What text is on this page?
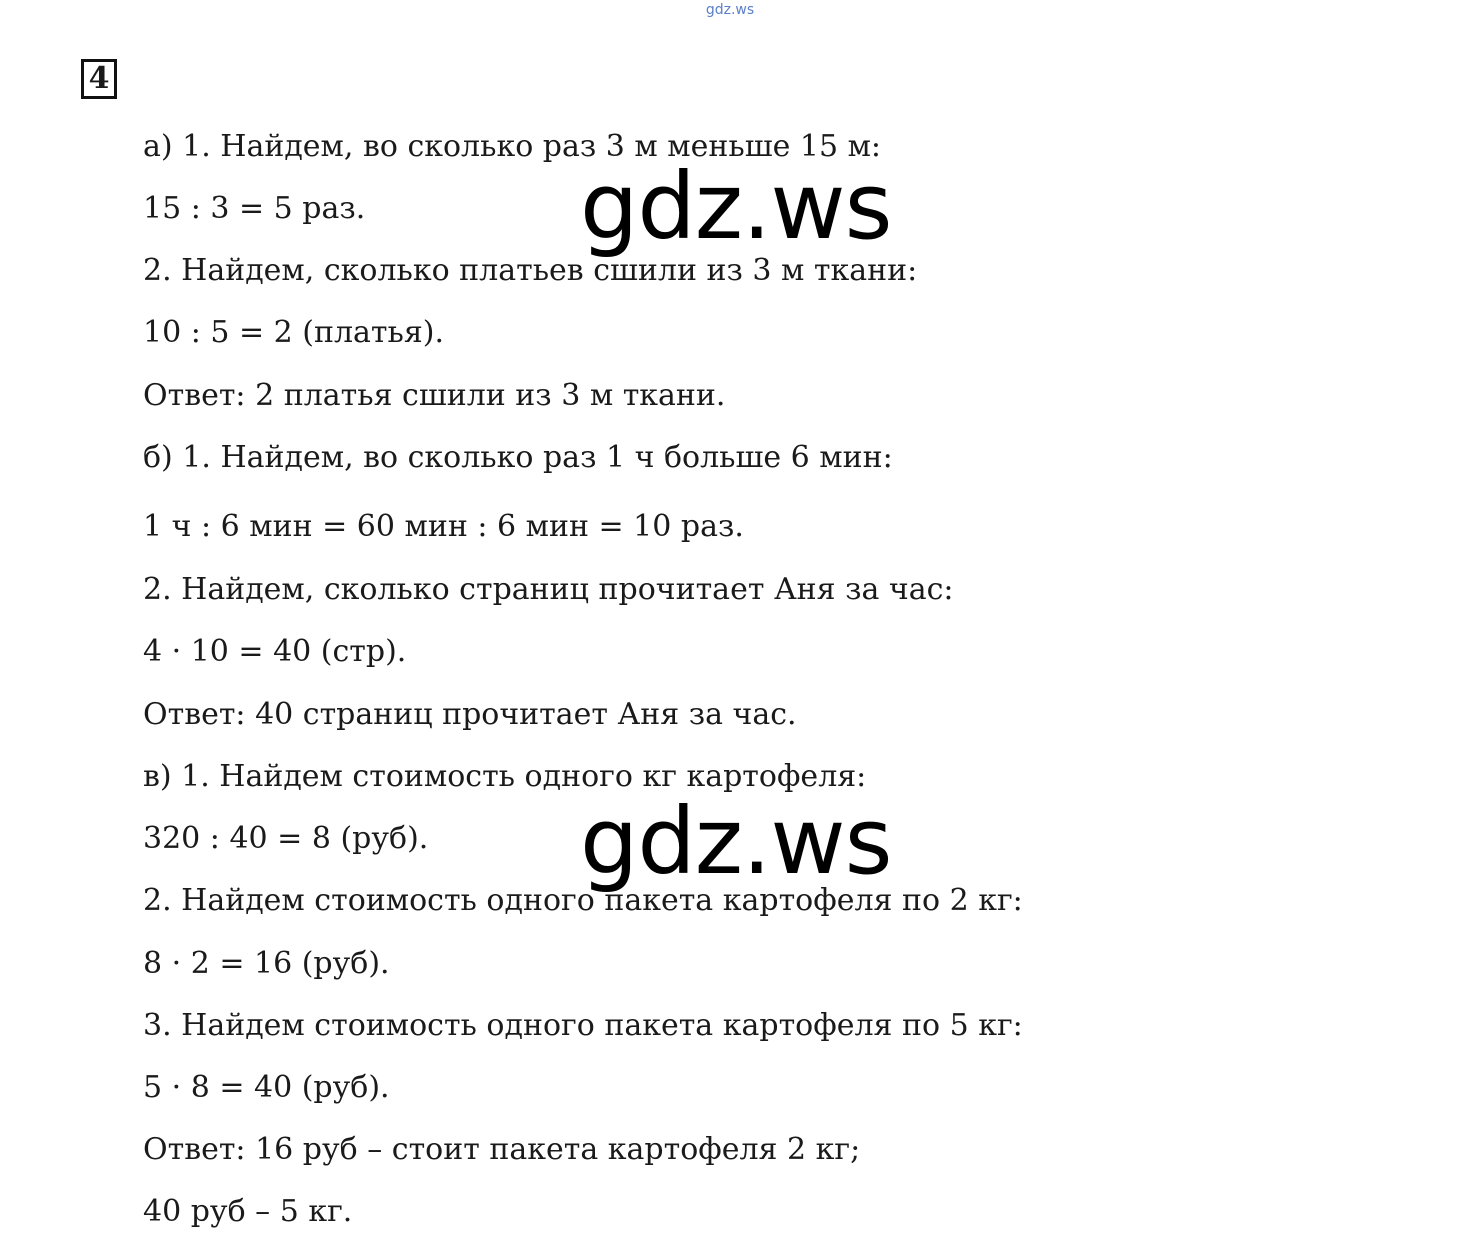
gdz.ws
4
а) 1. Найдем, во сколько раз 3 м меньше 15 м:
15 : 3 = 5 раз.
2. Найдем, сколько платьев сшили из 3 м ткани:
10 : 5 = 2 (платья).
Ответ: 2 платья сшили из 3 м ткани.
б) 1. Найдем, во сколько раз 1 ч больше 6 мин:
1 ч : 6 мин = 60 мин : 6 мин = 10 раз.
2. Найдем, сколько страниц прочитает Аня за час:
4 · 10 = 40 (стр).
Ответ: 40 страниц прочитает Аня за час.
в) 1. Найдем стоимость одного кг картофеля:
320 : 40 = 8 (руб).
2. Найдем стоимость одного пакета картофеля по 2 кг:
8 · 2 = 16 (руб).
3. Найдем стоимость одного пакета картофеля по 5 кг:
5 · 8 = 40 (руб).
Ответ: 16 руб – стоит пакета картофеля 2 кг;
40 руб – 5 кг.
gdz.ws
gdz.ws
